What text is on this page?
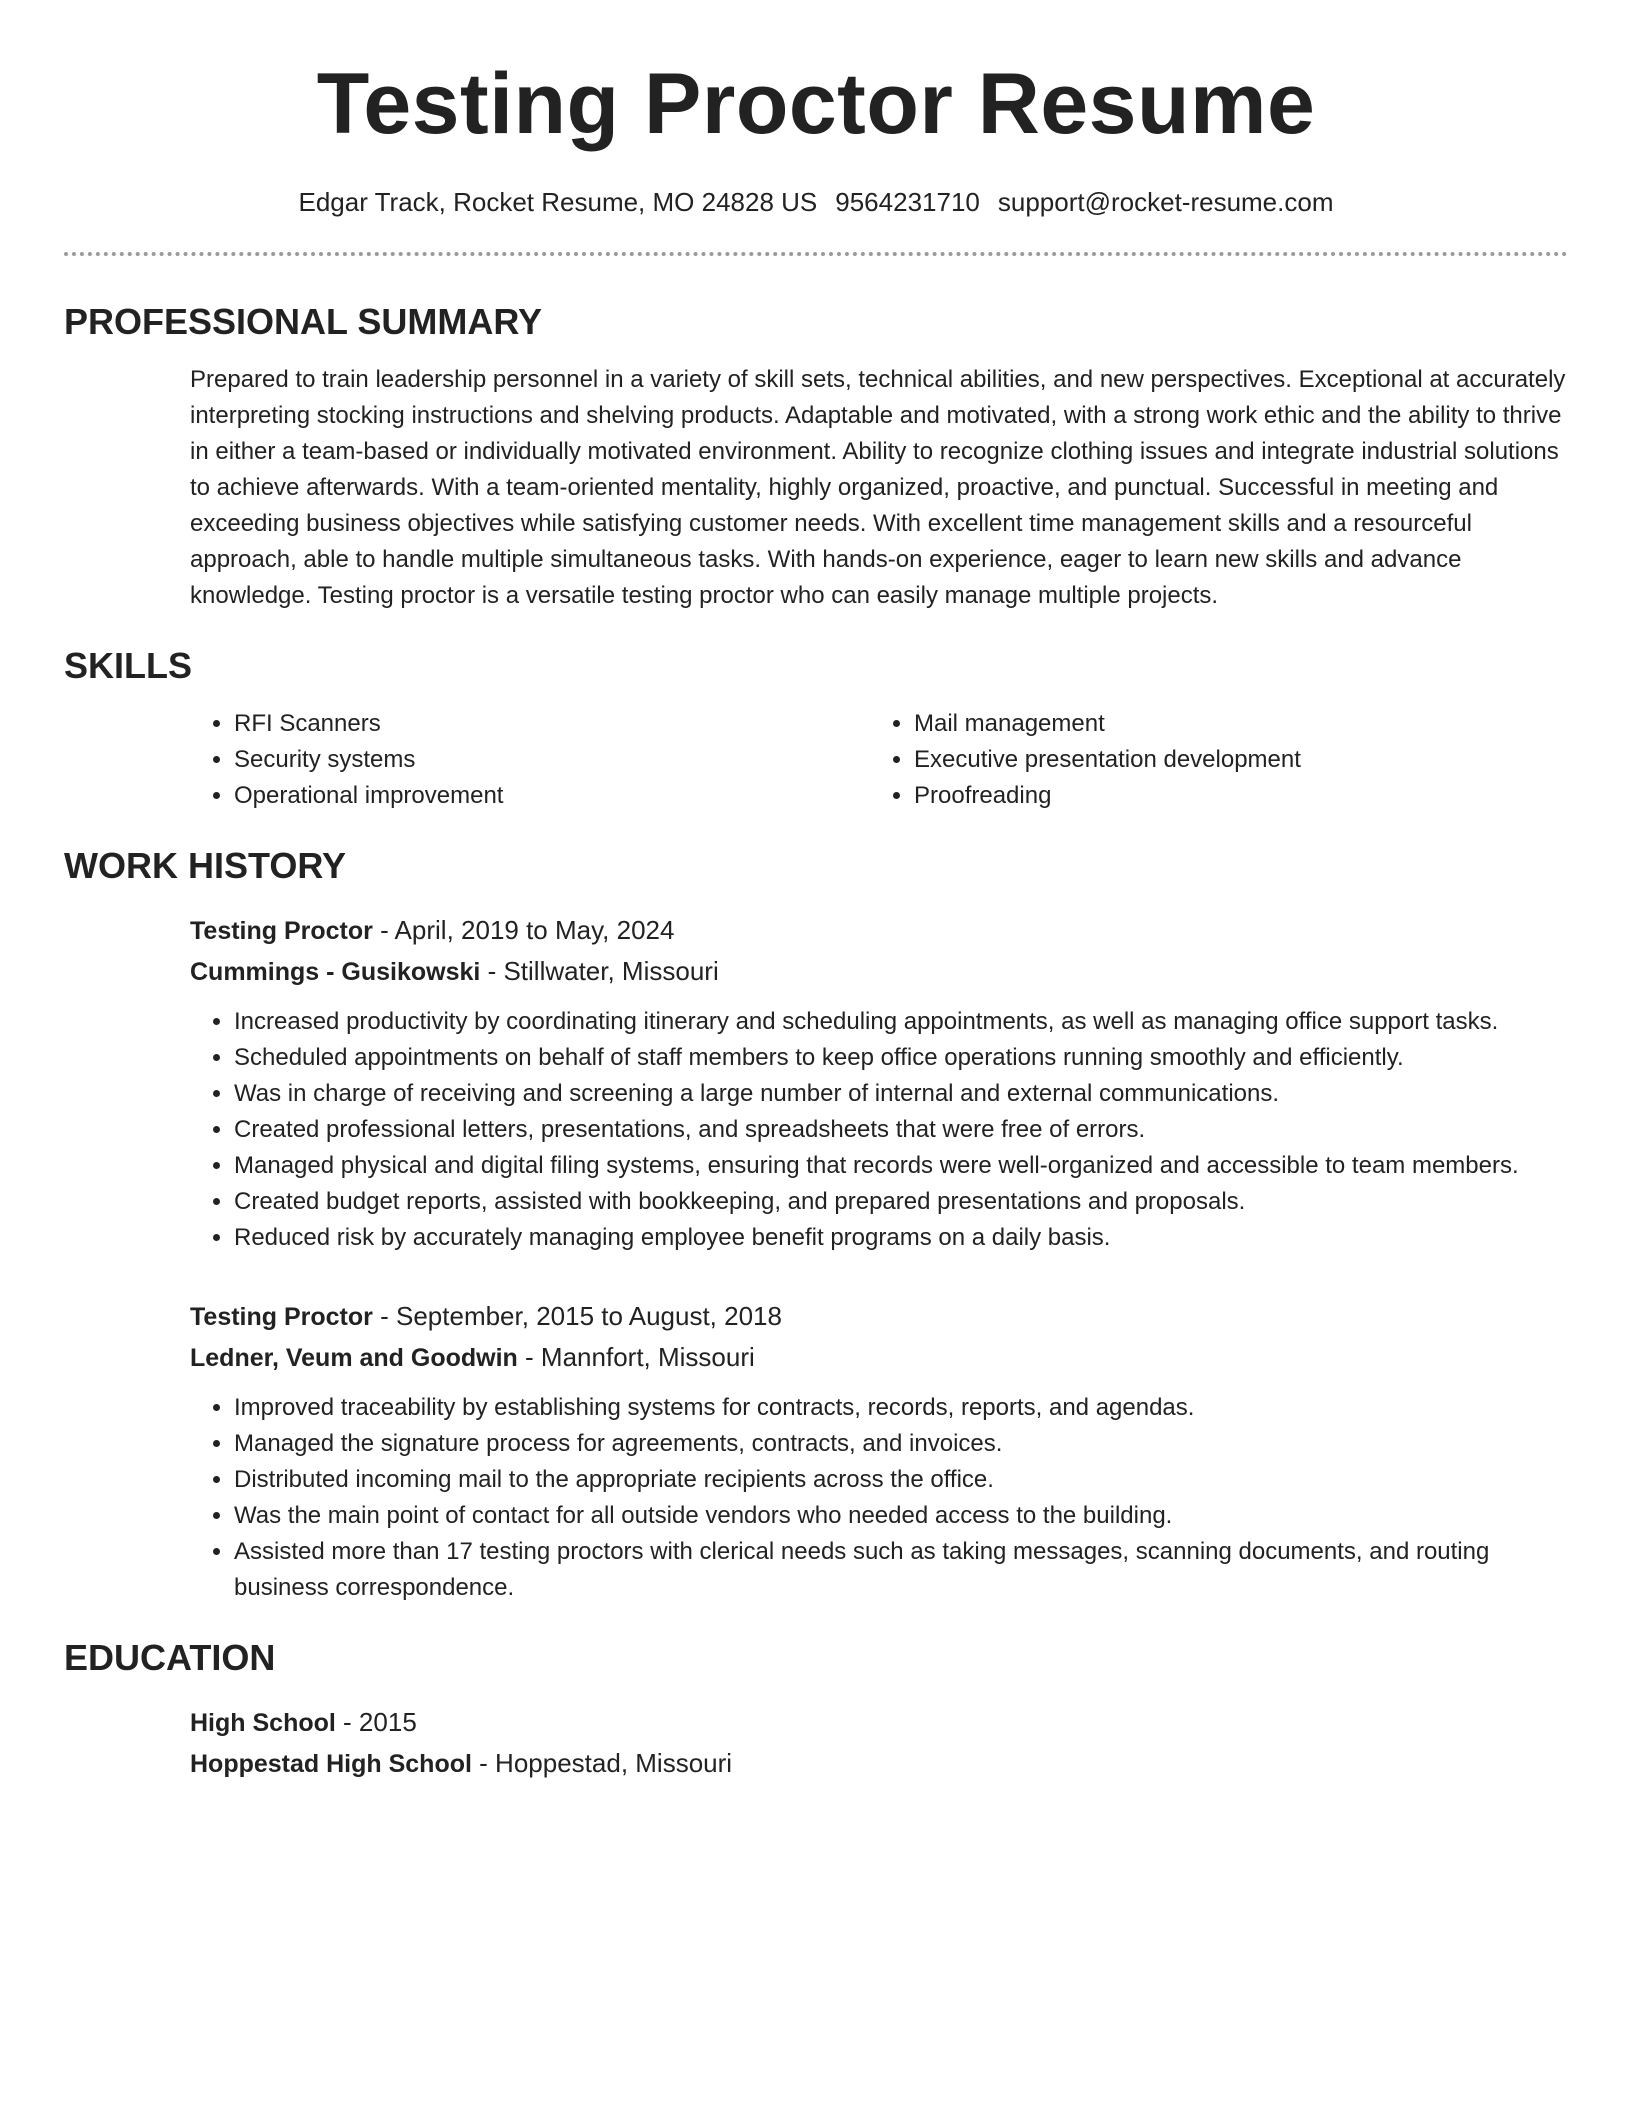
Testing Proctor Resume
Edgar Track, Rocket Resume, MO 24828 US 9564231710 support@rocket-resume.com
PROFESSIONAL SUMMARY
Prepared to train leadership personnel in a variety of skill sets, technical abilities, and new perspectives. Exceptional at accurately interpreting stocking instructions and shelving products. Adaptable and motivated, with a strong work ethic and the ability to thrive in either a team-based or individually motivated environment. Ability to recognize clothing issues and integrate industrial solutions to achieve afterwards. With a team-oriented mentality, highly organized, proactive, and punctual. Successful in meeting and exceeding business objectives while satisfying customer needs. With excellent time management skills and a resourceful approach, able to handle multiple simultaneous tasks. With hands-on experience, eager to learn new skills and advance knowledge. Testing proctor is a versatile testing proctor who can easily manage multiple projects.
SKILLS
• RFI Scanners
• Security systems
• Operational improvement
• Mail management
• Executive presentation development
• Proofreading
WORK HISTORY
Testing Proctor - April, 2019 to May, 2024
Cummings - Gusikowski - Stillwater, Missouri
• Increased productivity by coordinating itinerary and scheduling appointments, as well as managing office support tasks.
• Scheduled appointments on behalf of staff members to keep office operations running smoothly and efficiently.
• Was in charge of receiving and screening a large number of internal and external communications.
• Created professional letters, presentations, and spreadsheets that were free of errors.
• Managed physical and digital filing systems, ensuring that records were well-organized and accessible to team members.
• Created budget reports, assisted with bookkeeping, and prepared presentations and proposals.
• Reduced risk by accurately managing employee benefit programs on a daily basis.
Testing Proctor - September, 2015 to August, 2018
Ledner, Veum and Goodwin - Mannfort, Missouri
• Improved traceability by establishing systems for contracts, records, reports, and agendas.
• Managed the signature process for agreements, contracts, and invoices.
• Distributed incoming mail to the appropriate recipients across the office.
• Was the main point of contact for all outside vendors who needed access to the building.
• Assisted more than 17 testing proctors with clerical needs such as taking messages, scanning documents, and routing business correspondence.
EDUCATION
High School - 2015
Hoppestad High School - Hoppestad, Missouri
